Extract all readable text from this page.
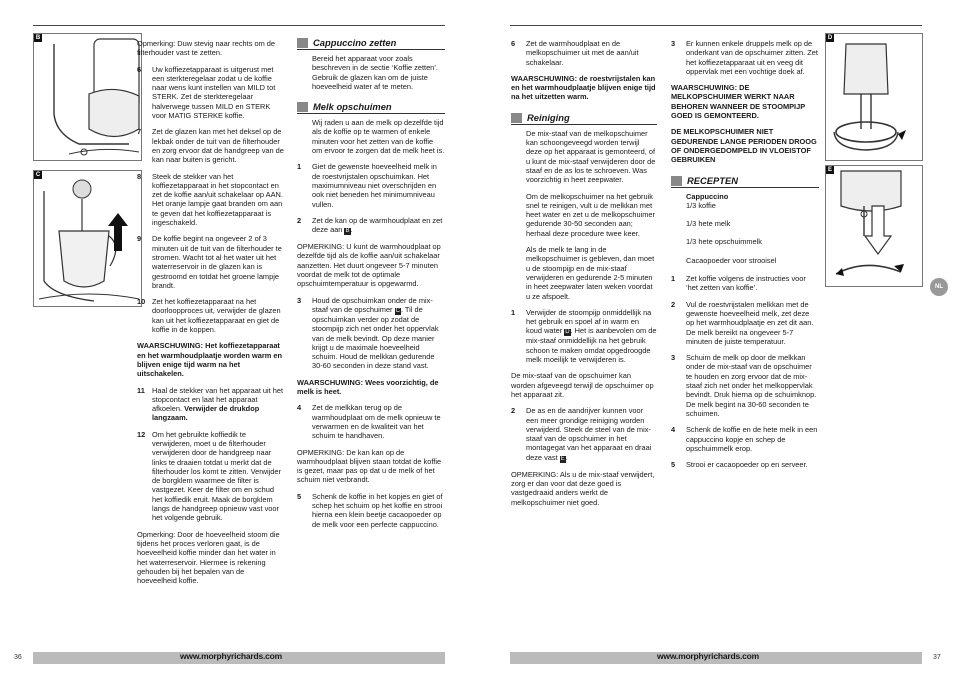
B
C

Opmerking: Duw stevig naar rechts om de filterhouder vast te zetten.

6 Uw koffiezetapparaat is uitgerust met een sterkteregelaar zodat u de koffie naar wens kunt instellen van MILD tot STERK. Zet de sterkteregelaar halverwege tussen MILD en STERK voor MATIG STERKE koffie.

7 Zet de glazen kan met het deksel op de lekbak onder de tuit van de filterhouder en zorg ervoor dat de handgreep van de kan naar buiten is gericht.

8 Steek de stekker van het koffiezetapparaat in het stopcontact en zet de koffie aan/uit schakelaar op AAN. Het oranje lampje gaat branden om aan te geven dat het koffiezetapparaat is ingeschakeld.

9 De koffie begint na ongeveer 2 of 3 minuten uit de tuit van de filterhouder te stromen. Wacht tot al het water uit het waterreservoir in de glazen kan is gestroomd en totdat het groene lampje brandt.

10 Zet het koffiezetapparaat na het doorloopproces uit, verwijder de glazen kan uit het koffiezetapparaat en giet de koffie in de koppen.

WAARSCHUWING: Het koffiezetapparaat en het warmhoudplaatje worden warm en blijven enige tijd warm na het uitschakelen.

11 Haal de stekker van het apparaat uit het stopcontact en laat het apparaat afkoelen. Verwijder de drukdop langzaam.

12 Om het gebruikte koffiedik te verwijderen, moet u de filterhouder verwijderen door de handgreep naar links te draaien totdat u merkt dat de filterhouder los komt te zitten. Verwijder de borgklem waarmee de filter is vastgezet. Keer de filter om en schud het koffiedik eruit. Maak de borgklem langs de handgreep opnieuw vast voor het volgende gebruik.

Opmerking: Door de hoeveelheid stoom die tijdens het proces verloren gaat, is de hoeveelheid koffie minder dan het water in het waterreservoir. Hiermee is rekening gehouden bij het bepalen van de hoeveelheid koffie.

Cappuccino zetten

Bereid het apparaat voor zoals beschreven in de sectie ‘Koffie zetten’. Gebruik de glazen kan om de juiste hoeveelheid water af te meten.

Melk opschuimen

Wij raden u aan de melk op dezelfde tijd als de koffie op te warmen of enkele minuten voor het zetten van de koffie om ervoor te zorgen dat de melk heet is.

1 Giet de gewenste hoeveelheid melk in de roestvrijstalen opschuimkan. Het maximumniveau niet overschrijden en ook niet beneden het minimumniveau vullen.

2 Zet de kan op de warmhoudplaat en zet deze aan B.

OPMERKING: U kunt de warmhoudplaat op dezelfde tijd als de koffie aan/uit schakelaar aanzetten. Het duurt ongeveer 5-7 minuten voordat de melk tot de optimale opschuimtemperatuur is opgewarmd.

3 Houd de opschuimkan onder de mix-staaf van de opschuimer C. Til de opschuimkan verder op zodat de stoompijp zich net onder het oppervlak van de melk bevindt. Op deze manier krijgt u de maximale hoeveelheid schuim. Houd de melkkan gedurende 30-60 seconden in deze stand vast.

WAARSCHUWING: Wees voorzichtig, de melk is heet.

4 Zet de melkkan terug op de warmhoudplaat om de melk opnieuw te verwarmen en de kwaliteit van het schuim te handhaven.

OPMERKING: De kan kan op de warmhoudplaat blijven staan totdat de koffie is gezet, maar pas op dat u de melk of het schuim niet verbrandt.

5 Schenk de koffie in het kopjes en giet of schep het schuim op het koffie en strooi hierna een klein beetje cacaopoeder op de melk voor een perfecte cappuccino.

6 Zet de warmhoudplaat en de melkopschuimer uit met de aan/uit schakelaar.

WAARSCHUWING: de roestvrijstalen kan en het warmhoudplaatje blijven enige tijd na het uitzetten warm.

Reiniging

De mix-staaf van de melkopschuimer kan schoongeveegd worden terwijl deze op het apparaat is gemonteerd, of u kunt de mix-staaf verwijderen door de staaf en de as los te schroeven. Was voorzichtig in heet zeepwater.

Om de melkopschuimer na het gebruik snel te reinigen, vult u de melkkan met heet water en zet u de melkopschuimer gedurende 30-50 seconden aan; herhaal deze procedure twee keer.

Als de melk te lang in de melkopschuimer is gebleven, dan moet u de stoompijp en de mix-staaf verwijderen en gedurende 2-5 minuten in heet zeepwater laten weken voordat u ze afspoelt.

1 Verwijder de stoompijp onmiddellijk na het gebruik en spoel af in warm en koud water D. Het is aanbevolen om de mix-staaf onmiddellijk na het gebruik schoon te maken omdat opgedroogde melk moeilijk te verwijderen is.

De mix-staaf van de opschuimer kan worden afgeveegd terwijl de opschuimer op het apparaat zit.

2 De as en de aandrijver kunnen voor een meer grondige reiniging worden verwijderd. Steek de steel van de mix-staaf van de opschuimer in het montagegat van het apparaat en draai deze vast E.

OPMERKING: Als u de mix-staaf verwijdert, zorg er dan voor dat deze goed is vastgedraaid anders werkt de melkopschuimer niet goed.

3 Er kunnen enkele druppels melk op de onderkant van de opschuimer zitten. Zet het koffiezetapparaat uit en veeg dit oppervlak met een vochtige doek af.

WAARSCHUWING: DE MELKOPSCHUIMER WERKT NAAR BEHOREN WANNEER DE STOOMPIJP GOED IS GEMONTEERD.

DE MELKOPSCHUIMER NIET GEDURENDE LANGE PERIODEN DROOG OF ONDERGEDOMPELD IN VLOEISTOF GEBRUIKEN

RECEPTEN

Cappuccino

1/3 koffie

1/3 hete melk

1/3 hete opschuimmelk

Cacaopoeder voor strooisel

1 Zet koffie volgens de instructies voor ‘het zetten van koffie’.

2 Vul de roestvrijstalen melkkan met de gewenste hoeveelheid melk, zet deze op het warmhoudplaatje en zet dit aan. De melk bereikt na ongeveer 5-7 minuten de juiste temperatuur.

3 Schuim de melk op door de melkkan onder de mix-staaf van de opschuimer te houden en zorg ervoor dat de mix-staaf zich net onder het melkoppervlak bevindt. Druk hierna op de schuimknop. De melk begint na 30-60 seconden te schuimen.

4 Schenk de koffie en de hete melk in een cappuccino kopje en schep de opschuimmelk erop.

5 Strooi er cacaopoeder op en serveer.

D
E
NL
36	37
www.morphyrichards.com	www.morphyrichards.com
